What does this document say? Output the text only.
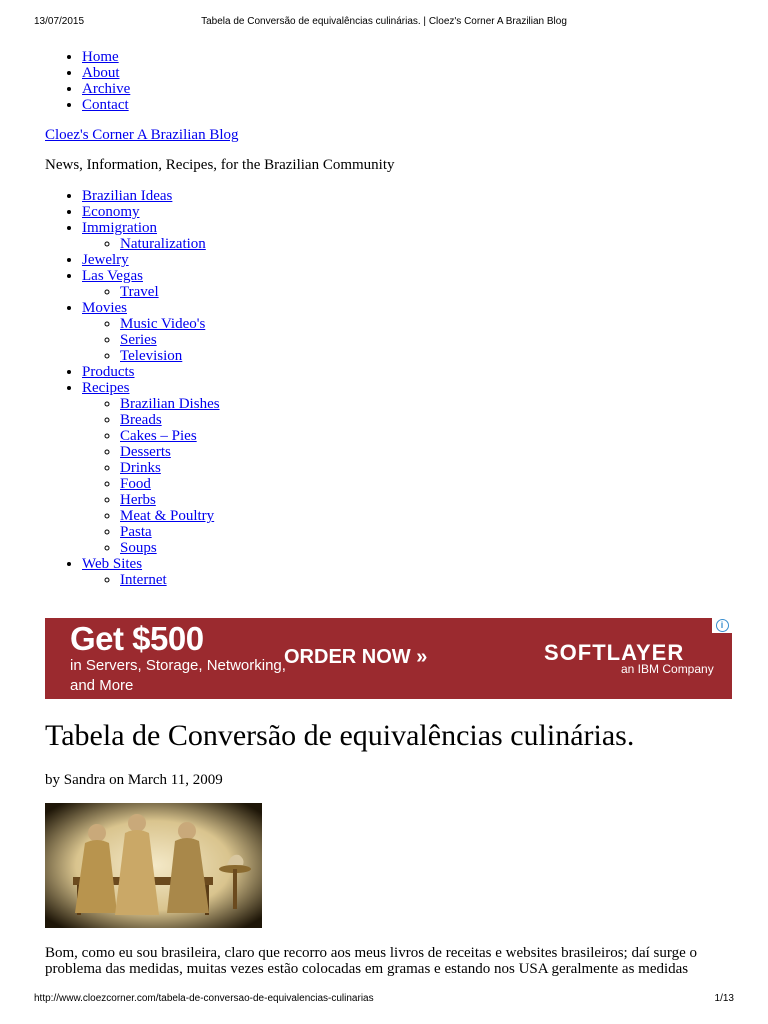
13/07/2015	Tabela de Conversão de equivalências culinárias. | Cloez's Corner A Brazilian Blog
• Home
• About
• Archive
• Contact
Cloez's Corner A Brazilian Blog
News, Information, Recipes, for the Brazilian Community
• Brazilian Ideas
• Economy
• Immigration
◦ Naturalization
• Jewelry
• Las Vegas
◦ Travel
• Movies
◦ Music Video's
◦ Series
◦ Television
• Products
• Recipes
◦ Brazilian Dishes
◦ Breads
◦ Cakes – Pies
◦ Desserts
◦ Drinks
◦ Food
◦ Herbs
◦ Meat & Poultry
◦ Pasta
◦ Soups
• Web Sites
◦ Internet
Get $500
in Servers, Storage, Networking, and More
ORDER NOW »	SOFTLAYER
an IBM Company
i
Tabela de Conversão de equivalências culinárias.
by Sandra on March 11, 2009
Bom, como eu sou brasileira, claro que recorro aos meus livros de receitas e websites brasileiros; daí surge o problema das medidas, muitas vezes estão colocadas em gramas e estando nos USA geralmente as medidas
http://www.cloezcorner.com/tabela-de-conversao-de-equivalencias-culinarias	1/13
